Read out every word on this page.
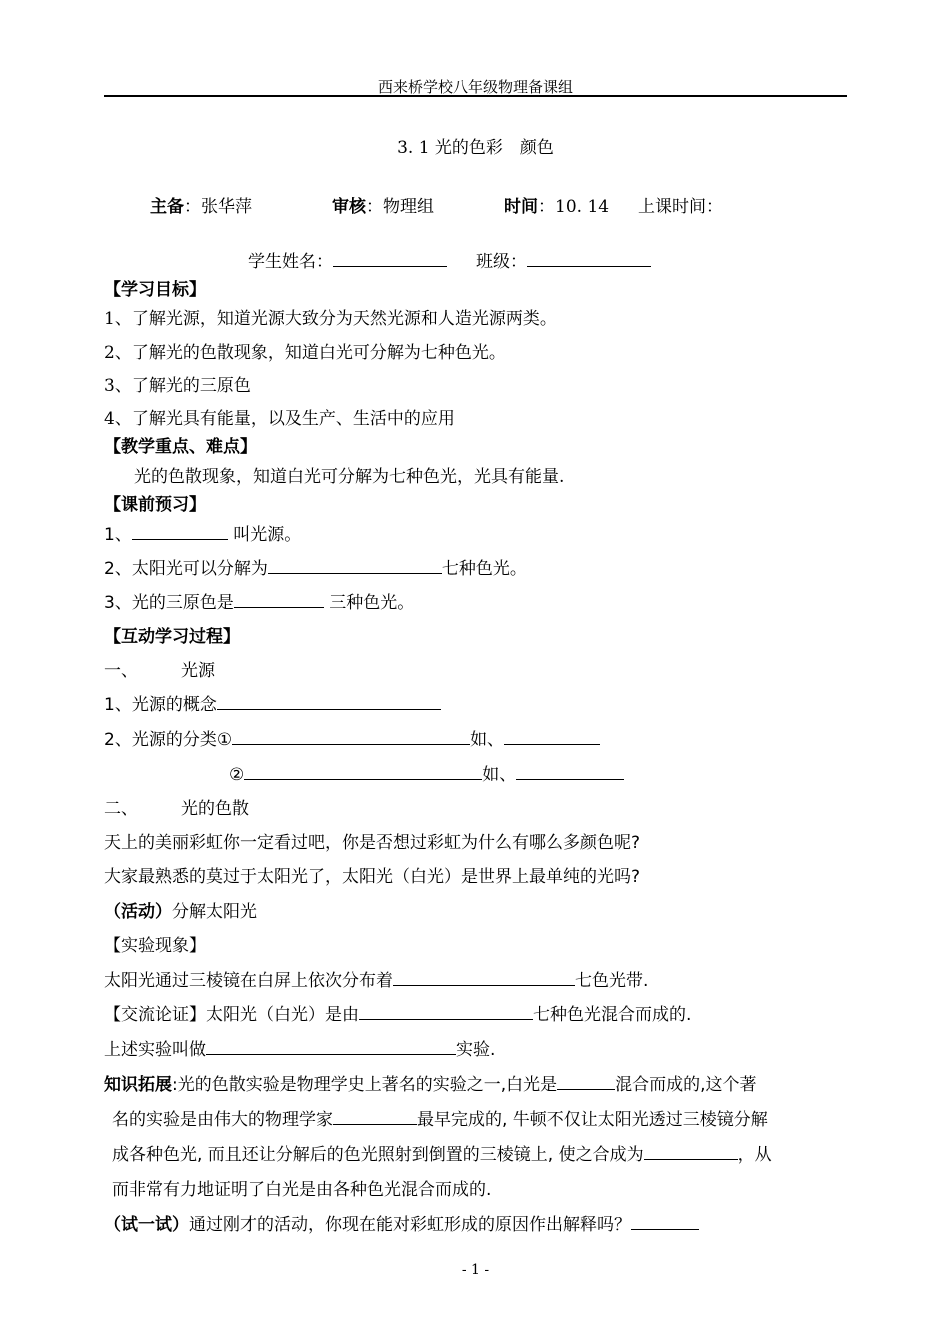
西来桥学校八年级物理备课组
3. 1 光的色彩　颜色
主备：张华萍	审核：物理组	时间：10. 14 上课时间：
学生姓名：	班级：
【学习目标】
1、了解光源，知道光源大致分为天然光源和人造光源两类。
2、了解光的色散现象，知道白光可分解为七种色光。
3、了解光的三原色
4、了解光具有能量，以及生产、生活中的应用
【教学重点、难点】
光的色散现象，知道白光可分解为七种色光，光具有能量.
【课前预习】
1、	叫光源。
2、太阳光可以分解为	七种色光。
3、光的三原色是	三种色光。
【互动学习过程】
一、	光源
1、光源的概念
2、光源的分类①	如、
②	如、
二、	光的色散
天上的美丽彩虹你一定看过吧，你是否想过彩虹为什么有哪么多颜色呢?
大家最熟悉的莫过于太阳光了，太阳光（白光）是世界上最单纯的光吗?
（活动）分解太阳光
【实验现象】
太阳光通过三棱镜在白屏上依次分布着	七色光带.
【交流论证】太阳光（白光）是由	七种色光混合而成的.
上述实验叫做	实验.
知识拓展:光的色散实验是物理学史上著名的实验之一,白光是	混合而成的,这个著
名的实验是由伟大的物理学家	最早完成的, 牛顿不仅让太阳光透过三棱镜分解
成各种色光, 而且还让分解后的色光照射到倒置的三棱镜上, 使之合成为	，从
而非常有力地证明了白光是由各种色光混合而成的.
（试一试）通过刚才的活动，你现在能对彩虹形成的原因作出解释吗？
- 1 -
